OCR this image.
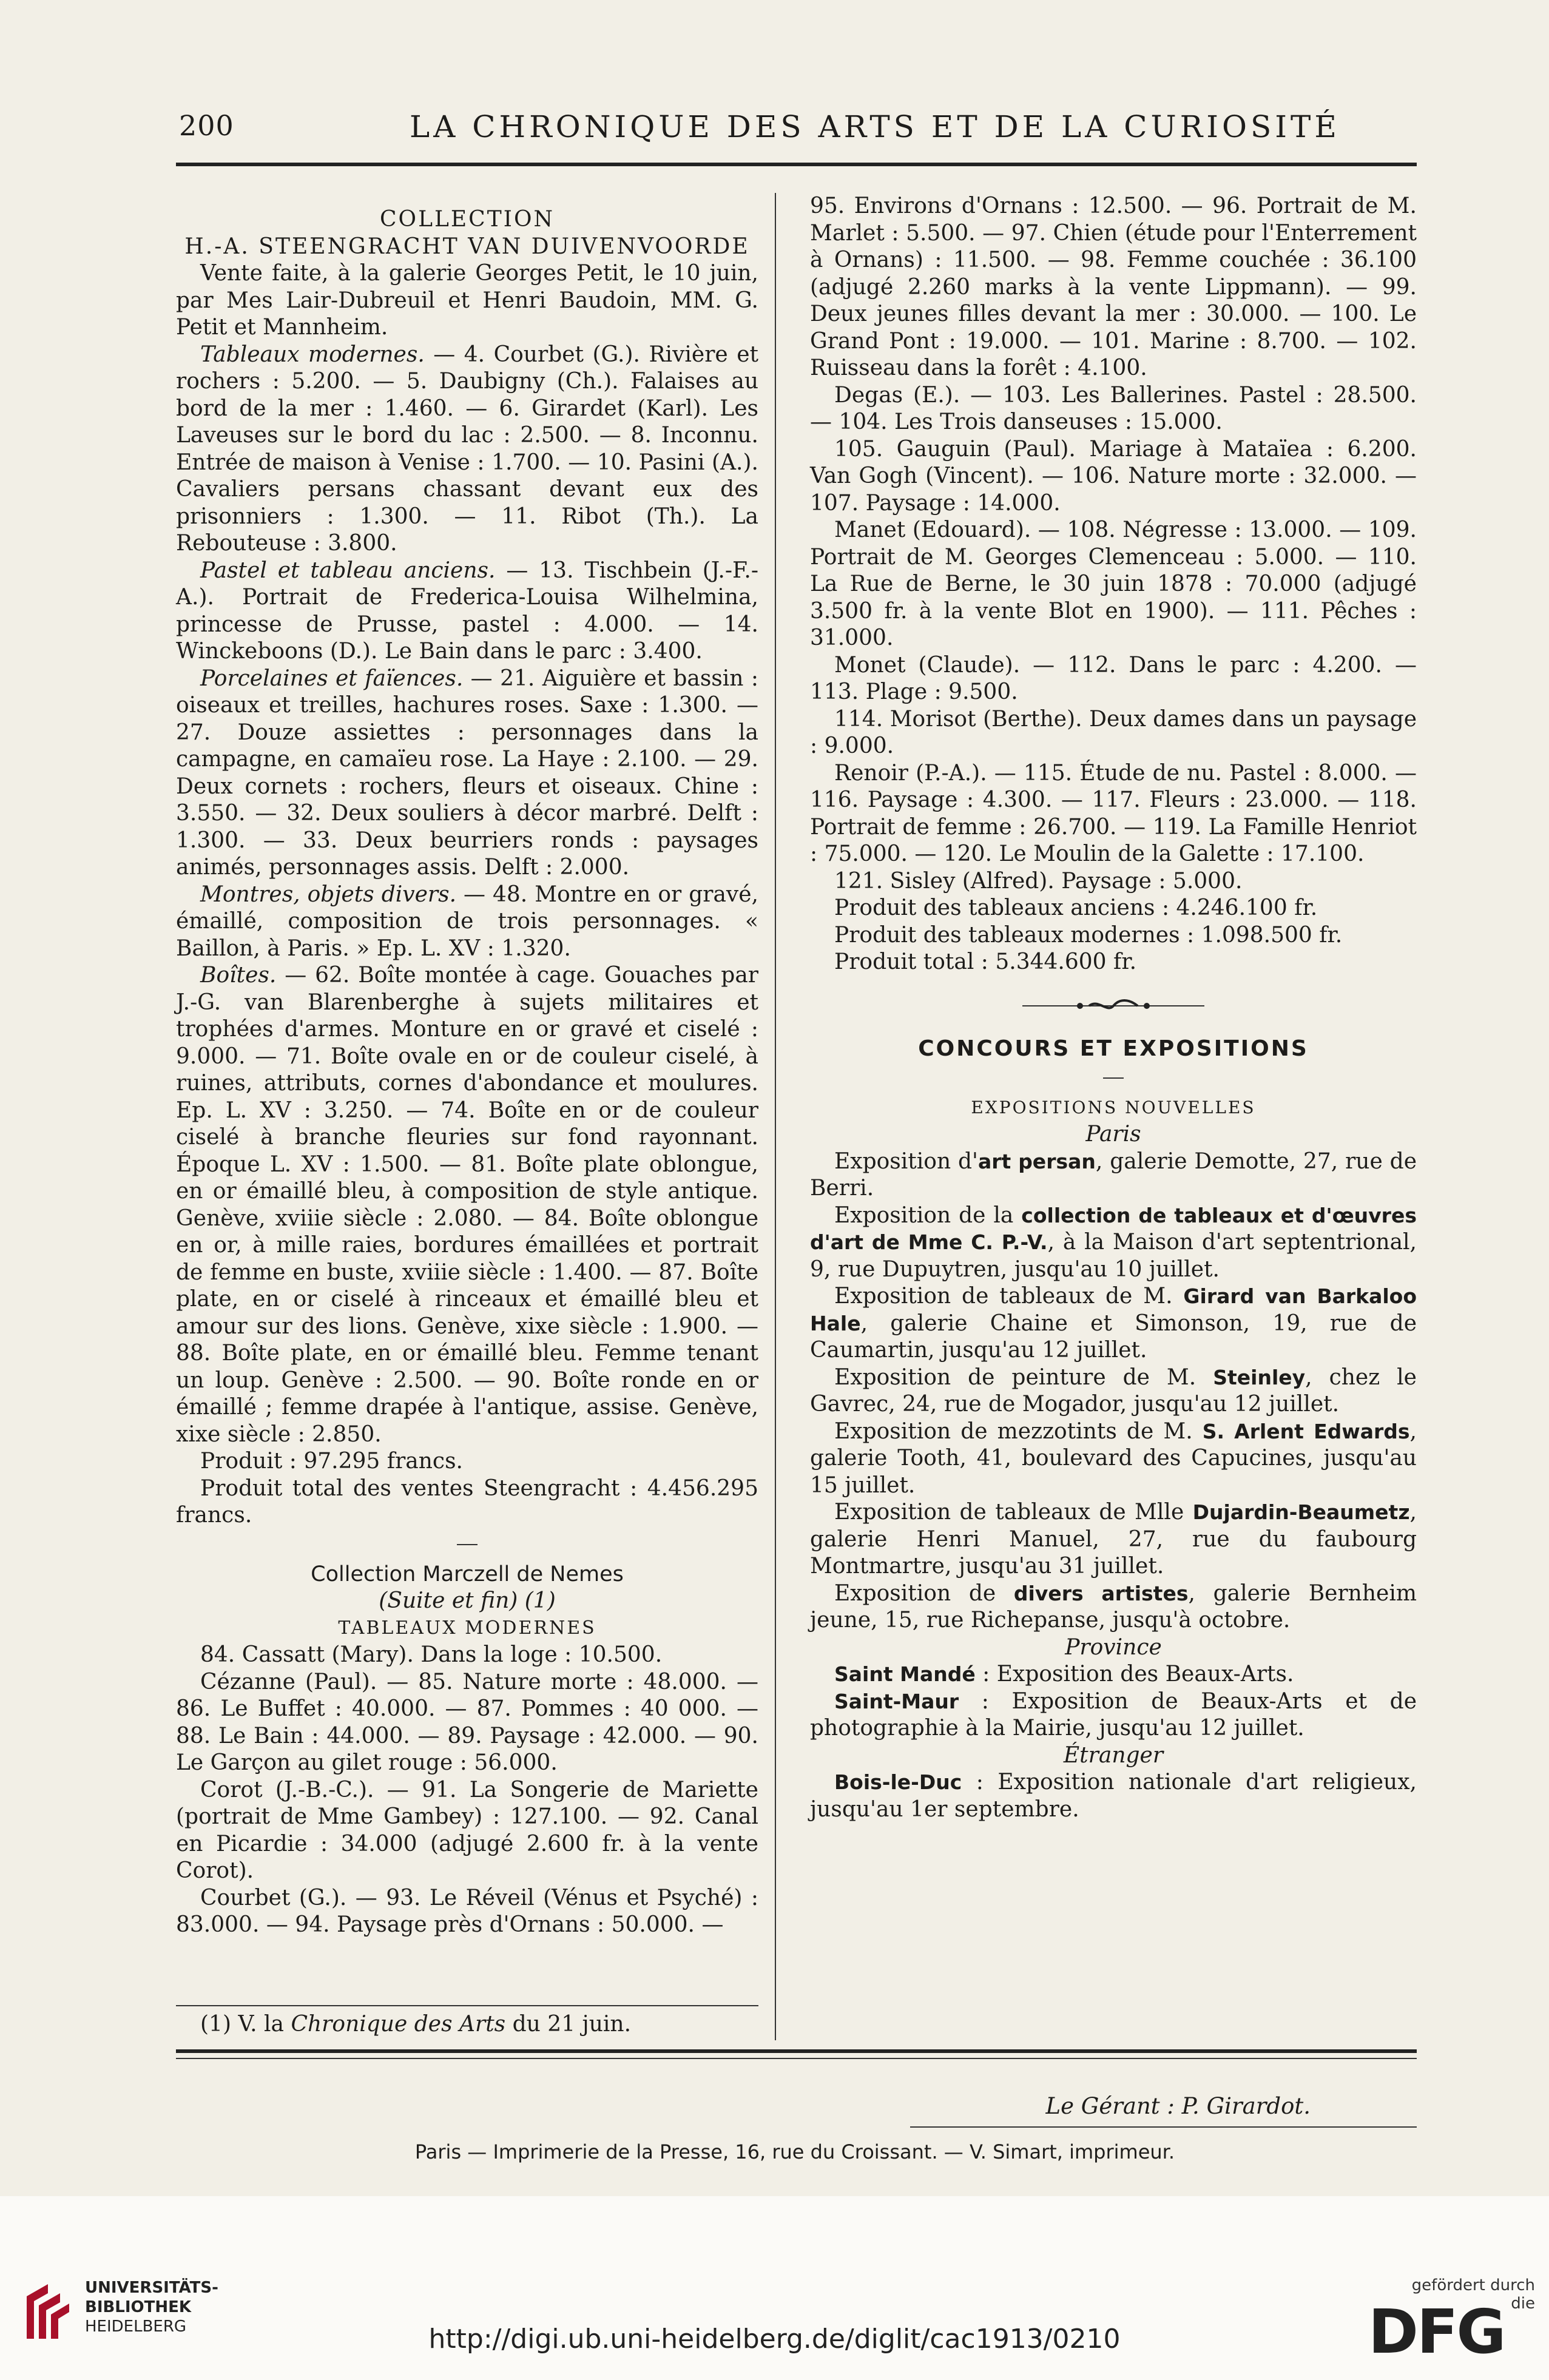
200	LA CHRONIQUE DES ARTS ET DE LA CURIOSITÉ

COLLECTION

H.-A. STEENGRACHT VAN DUIVENVOORDE

Vente faite, à la galerie Georges Petit, le 10 juin, par Mes Lair-Dubreuil et Henri Baudoin, MM. G. Petit et Mannheim.

Tableaux modernes. — 4. Courbet (G.). Rivière et rochers : 5.200. — 5. Daubigny (Ch.). Falaises au bord de la mer : 1.460. — 6. Girardet (Karl). Les Laveuses sur le bord du lac : 2.500. — 8. Inconnu. Entrée de maison à Venise : 1.700. — 10. Pasini (A.). Cavaliers persans chassant devant eux des prisonniers : 1.300. — 11. Ribot (Th.). La Rebouteuse : 3.800.

Pastel et tableau anciens. — 13. Tischbein (J.-F.-A.). Portrait de Frederica-Louisa Wilhelmina, princesse de Prusse, pastel : 4.000. — 14. Winckeboons (D.). Le Bain dans le parc : 3.400.

Porcelaines et faïences. — 21. Aiguière et bassin : oiseaux et treilles, hachures roses. Saxe : 1.300. — 27. Douze assiettes : personnages dans la campagne, en camaïeu rose. La Haye : 2.100. — 29. Deux cornets : rochers, fleurs et oiseaux. Chine : 3.550. — 32. Deux souliers à décor marbré. Delft : 1.300. — 33. Deux beurriers ronds : paysages animés, personnages assis. Delft : 2.000.

Montres, objets divers. — 48. Montre en or gravé, émaillé, composition de trois personnages. « Baillon, à Paris. » Ep. L. XV : 1.320.

Boîtes. — 62. Boîte montée à cage. Gouaches par J.-G. van Blarenberghe à sujets militaires et trophées d'armes. Monture en or gravé et ciselé : 9.000. — 71. Boîte ovale en or de couleur ciselé, à ruines, attributs, cornes d'abondance et moulures. Ep. L. XV : 3.250. — 74. Boîte en or de couleur ciselé à branche fleuries sur fond rayonnant. Époque L. XV : 1.500. — 81. Boîte plate oblongue, en or émaillé bleu, à composition de style antique. Genève, xviiie siècle : 2.080. — 84. Boîte oblongue en or, à mille raies, bordures émaillées et portrait de femme en buste, xviiie siècle : 1.400. — 87. Boîte plate, en or ciselé à rinceaux et émaillé bleu et amour sur des lions. Genève, xixe siècle : 1.900. — 88. Boîte plate, en or émaillé bleu. Femme tenant un loup. Genève : 2.500. — 90. Boîte ronde en or émaillé ; femme drapée à l'antique, assise. Genève, xixe siècle : 2.850.

Produit : 97.295 francs.

Produit total des ventes Steengracht : 4.456.295 francs.

Collection Marczell de Nemes

(Suite et fin) (1)

TABLEAUX MODERNES

84. Cassatt (Mary). Dans la loge : 10.500.

Cézanne (Paul). — 85. Nature morte : 48.000. — 86. Le Buffet : 40.000. — 87. Pommes : 40 000. — 88. Le Bain : 44.000. — 89. Paysage : 42.000. — 90. Le Garçon au gilet rouge : 56.000.

Corot (J.-B.-C.). — 91. La Songerie de Mariette (portrait de Mme Gambey) : 127.100. — 92. Canal en Picardie : 34.000 (adjugé 2.600 fr. à la vente Corot).

Courbet (G.). — 93. Le Réveil (Vénus et Psyché) : 83.000. — 94. Paysage près d'Ornans : 50.000. —

(1) V. la Chronique des Arts du 21 juin.

95. Environs d'Ornans : 12.500. — 96. Portrait de M. Marlet : 5.500. — 97. Chien (étude pour l'Enterrement à Ornans) : 11.500. — 98. Femme couchée : 36.100 (adjugé 2.260 marks à la vente Lippmann). — 99. Deux jeunes filles devant la mer : 30.000. — 100. Le Grand Pont : 19.000. — 101. Marine : 8.700. — 102. Ruisseau dans la forêt : 4.100.

Degas (E.). — 103. Les Ballerines. Pastel : 28.500. — 104. Les Trois danseuses : 15.000.

105. Gauguin (Paul). Mariage à Mataïea : 6.200. Van Gogh (Vincent). — 106. Nature morte : 32.000. — 107. Paysage : 14.000.

Manet (Edouard). — 108. Négresse : 13.000. — 109. Portrait de M. Georges Clemenceau : 5.000. — 110. La Rue de Berne, le 30 juin 1878 : 70.000 (adjugé 3.500 fr. à la vente Blot en 1900). — 111. Pêches : 31.000.

Monet (Claude). — 112. Dans le parc : 4.200. — 113. Plage : 9.500.

114. Morisot (Berthe). Deux dames dans un paysage : 9.000.

Renoir (P.-A.). — 115. Étude de nu. Pastel : 8.000. — 116. Paysage : 4.300. — 117. Fleurs : 23.000. — 118. Portrait de femme : 26.700. — 119. La Famille Henriot : 75.000. — 120. Le Moulin de la Galette : 17.100.

121. Sisley (Alfred). Paysage : 5.000.

Produit des tableaux anciens : 4.246.100 fr.

Produit des tableaux modernes : 1.098.500 fr.

Produit total : 5.344.600 fr.

CONCOURS ET EXPOSITIONS

EXPOSITIONS NOUVELLES

Paris

Exposition d'art persan, galerie Demotte, 27, rue de Berri.

Exposition de la collection de tableaux et d'œuvres d'art de Mme C. P.-V., à la Maison d'art septentrional, 9, rue Dupuytren, jusqu'au 10 juillet.

Exposition de tableaux de M. Girard van Barkaloo Hale, galerie Chaine et Simonson, 19, rue de Caumartin, jusqu'au 12 juillet.

Exposition de peinture de M. Steinley, chez le Gavrec, 24, rue de Mogador, jusqu'au 12 juillet.

Exposition de mezzotints de M. S. Arlent Edwards, galerie Tooth, 41, boulevard des Capucines, jusqu'au 15 juillet.

Exposition de tableaux de Mlle Dujardin-Beaumetz, galerie Henri Manuel, 27, rue du faubourg Montmartre, jusqu'au 31 juillet.

Exposition de divers artistes, galerie Bernheim jeune, 15, rue Richepanse, jusqu'à octobre.

Province

Saint Mandé : Exposition des Beaux-Arts.

Saint-Maur : Exposition de Beaux-Arts et de photographie à la Mairie, jusqu'au 12 juillet.

Étranger

Bois-le-Duc : Exposition nationale d'art religieux, jusqu'au 1er septembre.

Le Gérant : P. Girardot.
Paris — Imprimerie de la Presse, 16, rue du Croissant. — V. Simart, imprimeur.
UNIVERSITÄTS-
BIBLIOTHEK
HEIDELBERG	http://digi.ub.uni-heidelberg.de/diglit/cac1913/0210
gefördert durch die
DFG
